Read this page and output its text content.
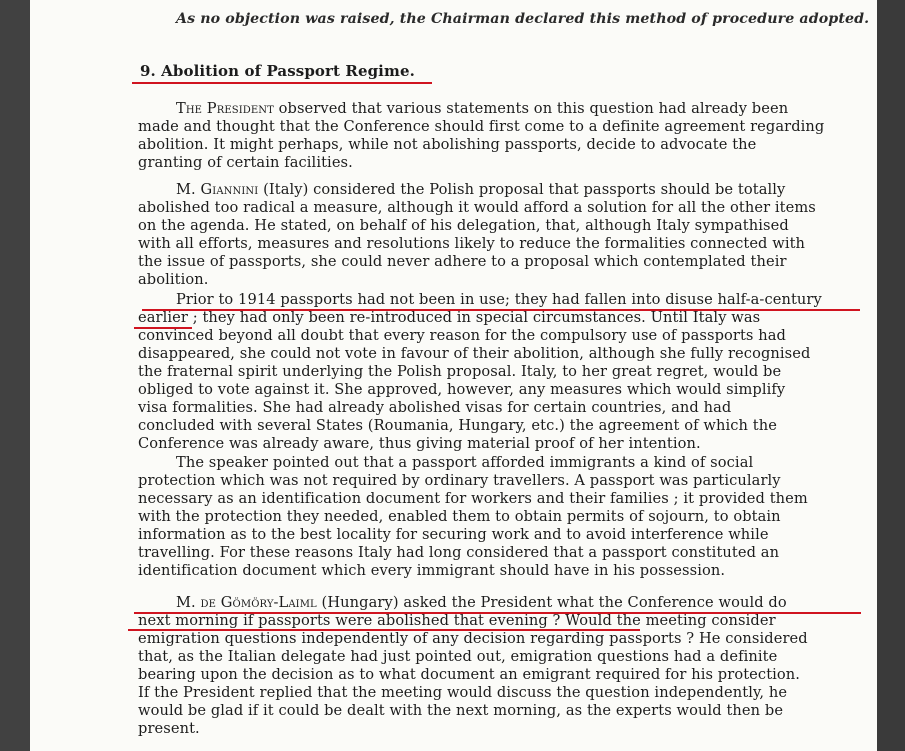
As no objection was raised, the Chairman declared this method of procedure adopted.
9. Abolition of Passport Regime.
The President observed that various statements on this question had already been
made and thought that the Conference should first come to a definite agreement regarding
abolition. It might perhaps, while not abolishing passports, decide to advocate the
granting of certain facilities.
M. Giannini (Italy) considered the Polish proposal that passports should be totally
abolished too radical a measure, although it would afford a solution for all the other items
on the agenda. He stated, on behalf of his delegation, that, although Italy sympathised
with all efforts, measures and resolutions likely to reduce the formalities connected with
the issue of passports, she could never adhere to a proposal which contemplated their
abolition.
Prior to 1914 passports had not been in use; they had fallen into disuse half-a-century
earlier ; they had only been re-introduced in special circumstances. Until Italy was
convinced beyond all doubt that every reason for the compulsory use of passports had
disappeared, she could not vote in favour of their abolition, although she fully recognised
the fraternal spirit underlying the Polish proposal. Italy, to her great regret, would be
obliged to vote against it. She approved, however, any measures which would simplify
visa formalities. She had already abolished visas for certain countries, and had
concluded with several States (Roumania, Hungary, etc.) the agreement of which the
Conference was already aware, thus giving material proof of her intention.
The speaker pointed out that a passport afforded immigrants a kind of social
protection which was not required by ordinary travellers. A passport was particularly
necessary as an identification document for workers and their families ; it provided them
with the protection they needed, enabled them to obtain permits of sojourn, to obtain
information as to the best locality for securing work and to avoid interference while
travelling. For these reasons Italy had long considered that a passport constituted an
identification document which every immigrant should have in his possession.
M. de Gömöry-Laiml (Hungary) asked the President what the Conference would do
next morning if passports were abolished that evening ? Would the meeting consider
emigration questions independently of any decision regarding passports ? He considered
that, as the Italian delegate had just pointed out, emigration questions had a definite
bearing upon the decision as to what document an emigrant required for his protection.
If the President replied that the meeting would discuss the question independently, he
would be glad if it could be dealt with the next morning, as the experts would then be
present.
